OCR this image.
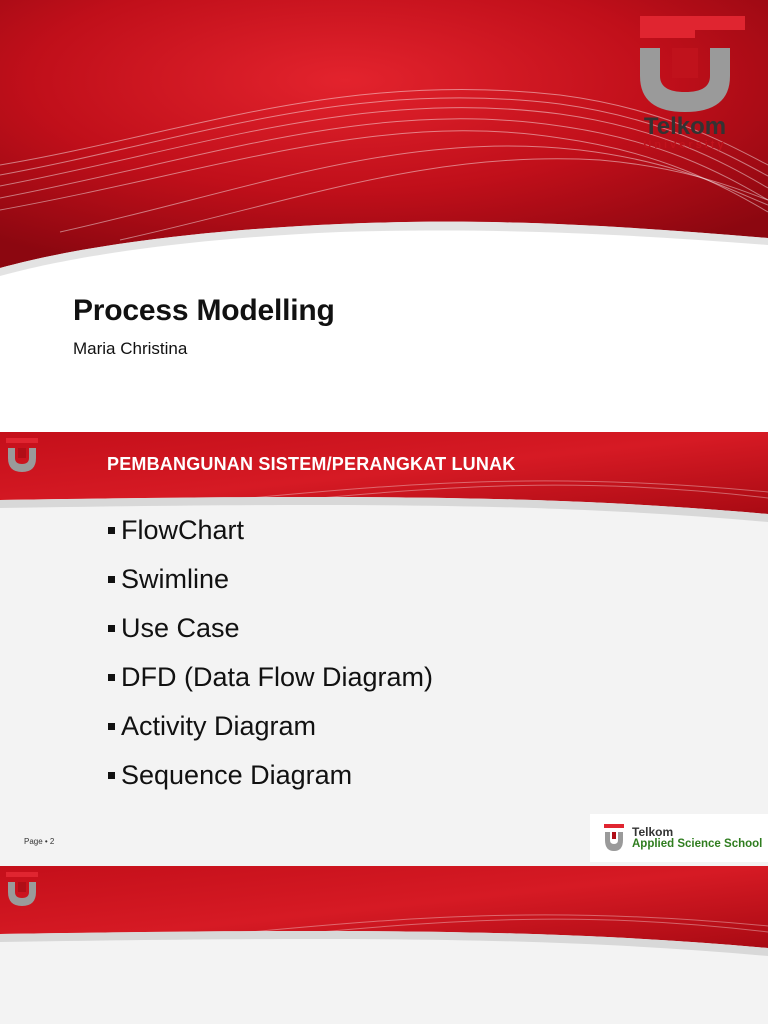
Telkom
University
Process Modelling

Maria Christina

PEMBANGUNAN SISTEM/PERANGKAT LUNAK
FlowChart
Swimline
Use Case
DFD (Data Flow Diagram)
Activity Diagram
Sequence Diagram
Page • 2
Telkom
Applied Science School
